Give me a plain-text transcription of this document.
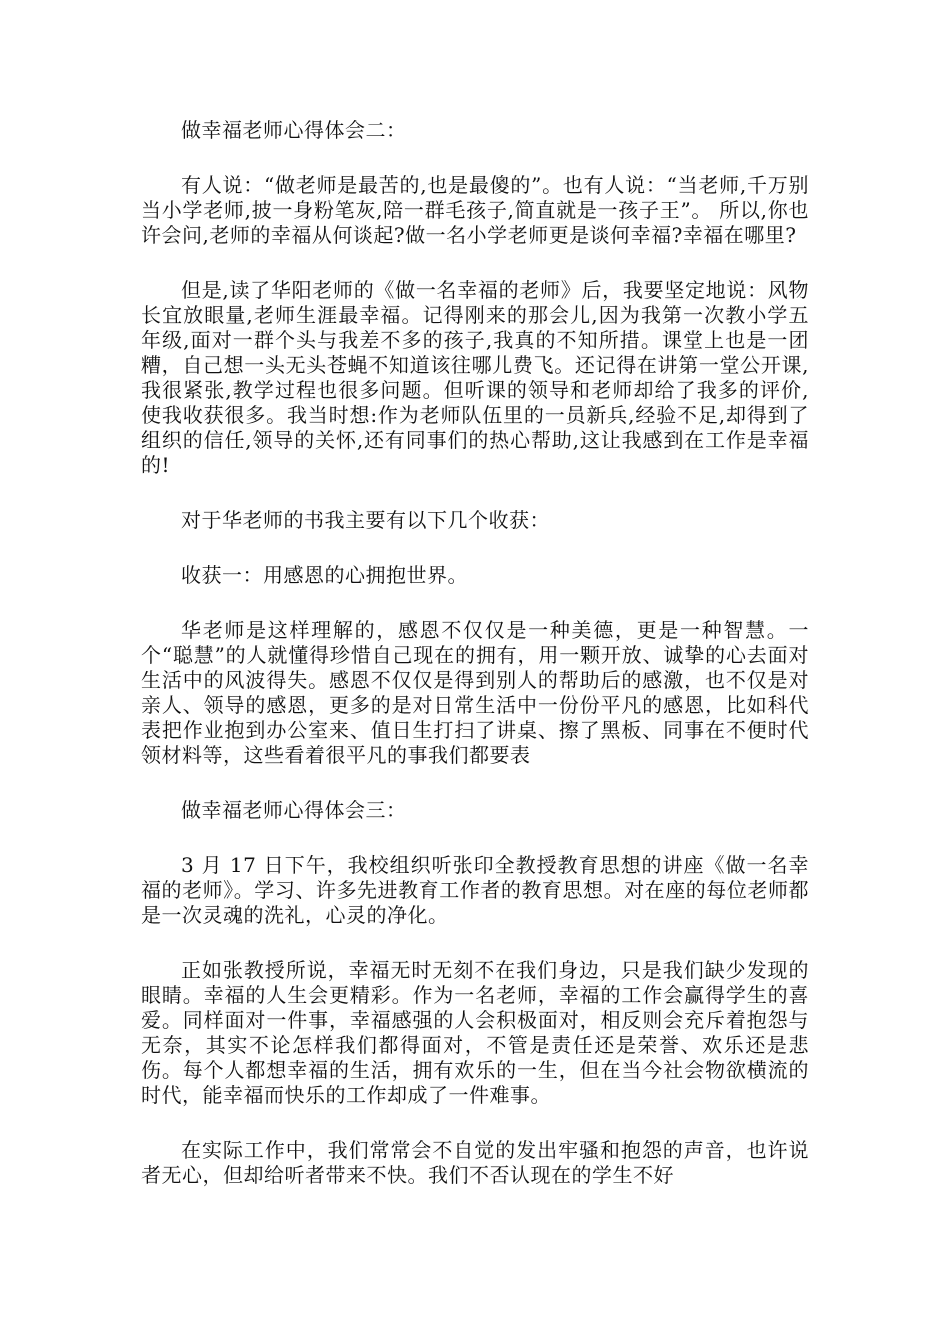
做幸福老师心得体会二：

有人说：“做老师是最苦的,也是最傻的”。也有人说：“当老师,千万别当小学老师,披一身粉笔灰,陪一群毛孩子,简直就是一孩子王”。 所以,你也许会问,老师的幸福从何谈起?做一名小学老师更是谈何幸福?幸福在哪里?

但是,读了华阳老师的《做一名幸福的老师》后，我要坚定地说：风物长宜放眼量,老师生涯最幸福。记得刚来的那会儿,因为我第一次教小学五年级,面对一群个头与我差不多的孩子,我真的不知所措。课堂上也是一团糟，自己想一头无头苍蝇不知道该往哪儿费飞。还记得在讲第一堂公开课,我很紧张,教学过程也很多问题。但听课的领导和老师却给了我多的评价,使我收获很多。我当时想:作为老师队伍里的一员新兵,经验不足,却得到了组织的信任,领导的关怀,还有同事们的热心帮助,这让我感到在工作是幸福的!

对于华老师的书我主要有以下几个收获：

收获一：用感恩的心拥抱世界。

华老师是这样理解的，感恩不仅仅是一种美德，更是一种智慧。一个“聪慧”的人就懂得珍惜自己现在的拥有，用一颗开放、诚挚的心去面对生活中的风波得失。感恩不仅仅是得到别人的帮助后的感激，也不仅是对亲人、领导的感恩，更多的是对日常生活中一份份平凡的感恩，比如科代表把作业抱到办公室来、值日生打扫了讲桌、擦了黑板、同事在不便时代领材料等，这些看着很平凡的事我们都要表

做幸福老师心得体会三：

3 月 17 日下午，我校组织听张印全教授教育思想的讲座《做一名幸福的老师》。学习、许多先进教育工作者的教育思想。对在座的每位老师都是一次灵魂的洗礼，心灵的净化。

正如张教授所说，幸福无时无刻不在我们身边，只是我们缺少发现的眼睛。幸福的人生会更精彩。作为一名老师，幸福的工作会赢得学生的喜爱。同样面对一件事，幸福感强的人会积极面对，相反则会充斥着抱怨与无奈，其实不论怎样我们都得面对，不管是责任还是荣誉、欢乐还是悲伤。每个人都想幸福的生活，拥有欢乐的一生，但在当今社会物欲横流的时代，能幸福而快乐的工作却成了一件难事。

在实际工作中，我们常常会不自觉的发出牢骚和抱怨的声音，也许说者无心，但却给听者带来不快。我们不否认现在的学生不好
